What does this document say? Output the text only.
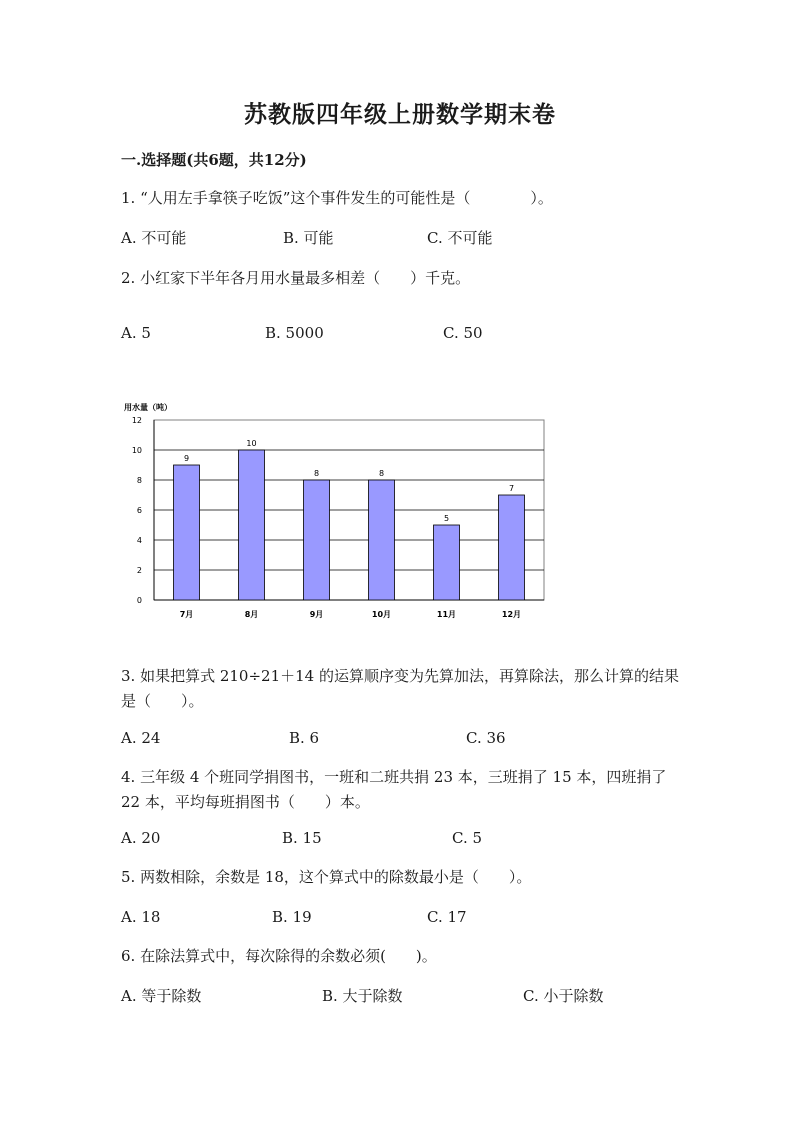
苏教版四年级上册数学期末卷
一.选择题(共6题，共12分)
1. “人用左手拿筷子吃饭”这个事件发生的可能性是（　　　　）。
A. 不可能	B. 可能	C. 不可能
2. 小红家下半年各月用水量最多相差（　　）千克。
A. 5	B. 5000	C. 50
用水量（吨）
0
2
4
6
8
10
12
9
7月
10
8月
8
9月
8
10月
5
11月
7
12月
3. 如果把算式 210÷21＋14 的运算顺序变为先算加法，再算除法，那么计算的结果是（　　）。
A. 24	B. 6	C. 36
4. 三年级 4 个班同学捐图书，一班和二班共捐 23 本，三班捐了 15 本，四班捐了 22 本，平均每班捐图书（　　）本。
A. 20	B. 15	C. 5
5. 两数相除，余数是 18，这个算式中的除数最小是（　　）。
A. 18	B. 19	C. 17
6. 在除法算式中，每次除得的余数必须(　　)。
A. 等于除数	B. 大于除数	C. 小于除数
